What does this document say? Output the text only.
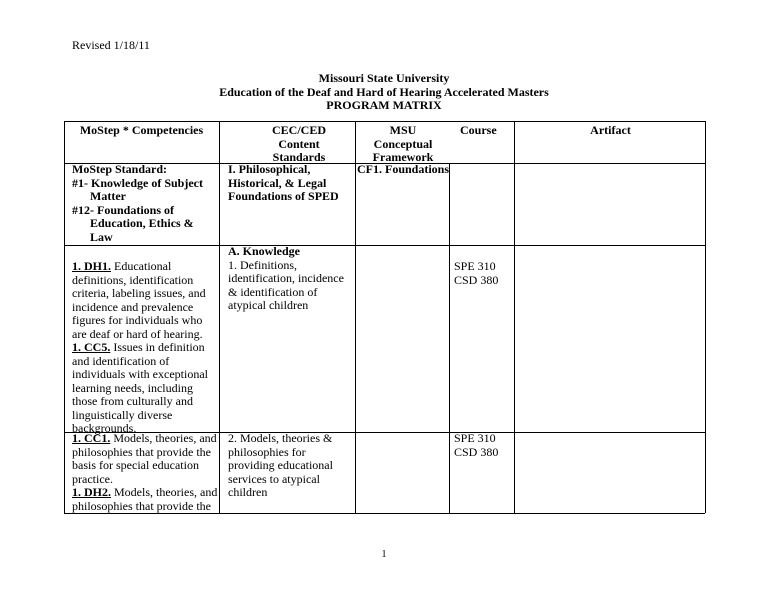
Revised 1/18/11
Missouri State University
Education of the Deaf and Hard of Hearing Accelerated Masters
PROGRAM MATRIX
MoStep * Competencies	CEC/CED Content Standards
MSU
Conceptual
Framework
Course	Artifact
MoStep Standard:
#1- Knowledge of Subject
Matter
#12- Foundations of
Education, Ethics &
Law
I. Philosophical, Historical, & Legal Foundations of SPED
CF1. Foundations
1. DH1. Educational definitions, identification criteria, labeling issues, and incidence and prevalence figures for individuals who are deaf or hard of hearing.
1. CC5. Issues in definition and identification of individuals with exceptional learning needs, including those from culturally and linguistically diverse backgrounds.
A. Knowledge
1. Definitions, identification, incidence & identification of atypical children
SPE 310
CSD 380
1. CC1. Models, theories, and philosophies that provide the basis for special education practice.
1. DH2. Models, theories, and philosophies that provide the
2. Models, theories & philosophies for providing educational services to atypical children
SPE 310
CSD 380
1
